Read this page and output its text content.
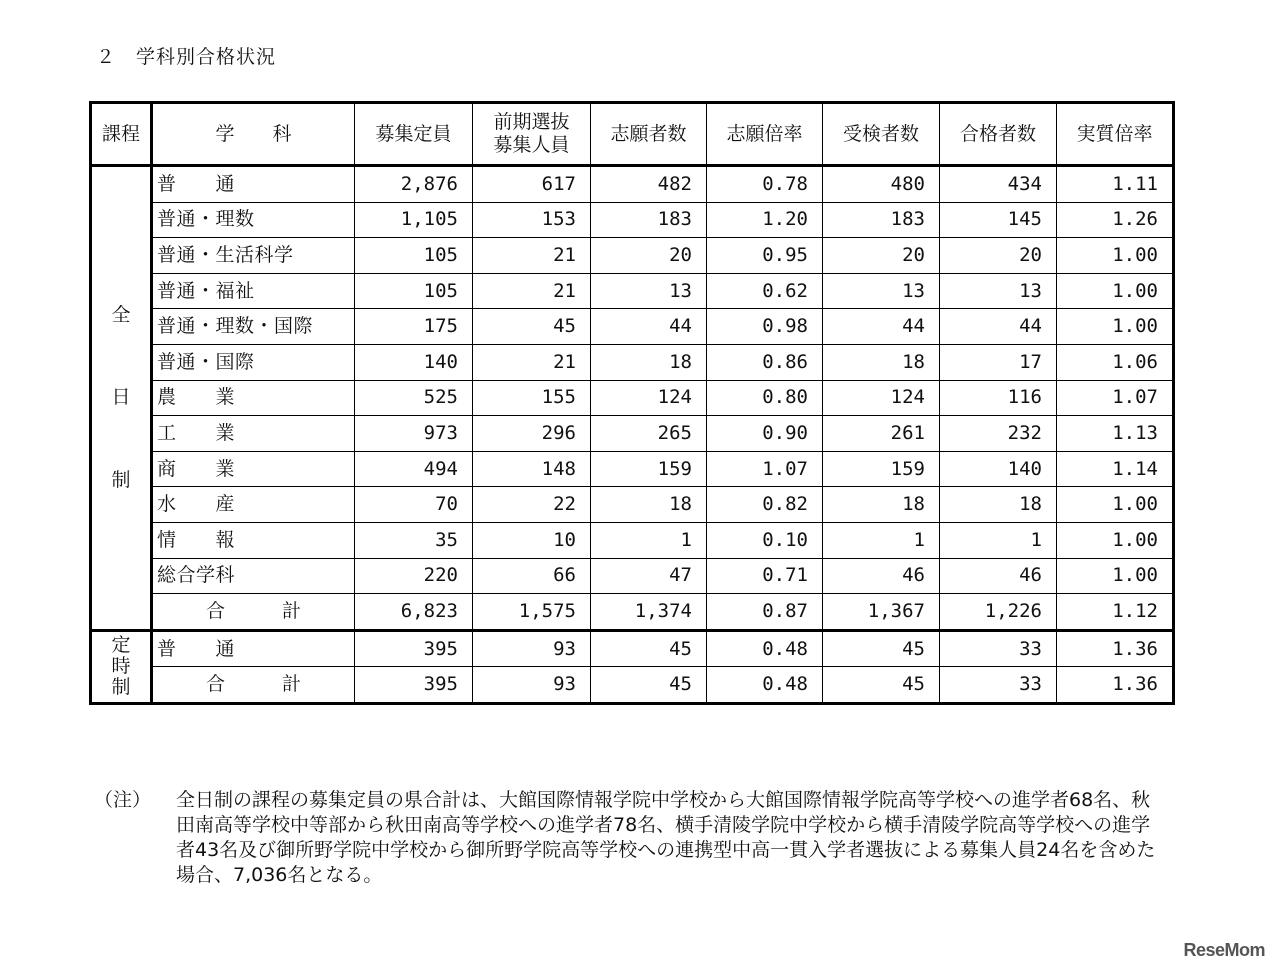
２　学科別合格状況
課程	学　　科	募集定員	前期選抜
募集人員	志願者数	志願倍率	受検者数	合格者数	実質倍率

全
日
制	普　　通	2,876	617	482	0.78	480	434	1.11
	普通・理数	1,105	153	183	1.20	183	145	1.26
	普通・生活科学	105	21	20	0.95	20	20	1.00
	普通・福祉	105	21	13	0.62	13	13	1.00
	普通・理数・国際	175	45	44	0.98	44	44	1.00
	普通・国際	140	21	18	0.86	18	17	1.06
	農　　業	525	155	124	0.80	124	116	1.07
	工　　業	973	296	265	0.90	261	232	1.13
	商　　業	494	148	159	1.07	159	140	1.14
	水　　産	70	22	18	0.82	18	18	1.00
	情　　報	35	10	1	0.10	1	1	1.00
	総合学科	220	66	47	0.71	46	46	1.00
	合　　　計	6,823	1,575	1,374	0.87	1,367	1,226	1.12

定
時
制	普　　通	395	93	45	0.48	45	33	1.36
	合　　　計	395	93	45	0.48	45	33	1.36
（注） 全日制の課程の募集定員の県合計は、大館国際情報学院中学校から大館国際情報学院高等学校への進学者68名、秋田南高等学校中等部から秋田南高等学校への進学者78名、横手清陵学院中学校から横手清陵学院高等学校への進学者43名及び御所野学院中学校から御所野学院高等学校への連携型中高一貫入学者選抜による募集人員24名を含めた場合、7,036名となる。
ReseMom
